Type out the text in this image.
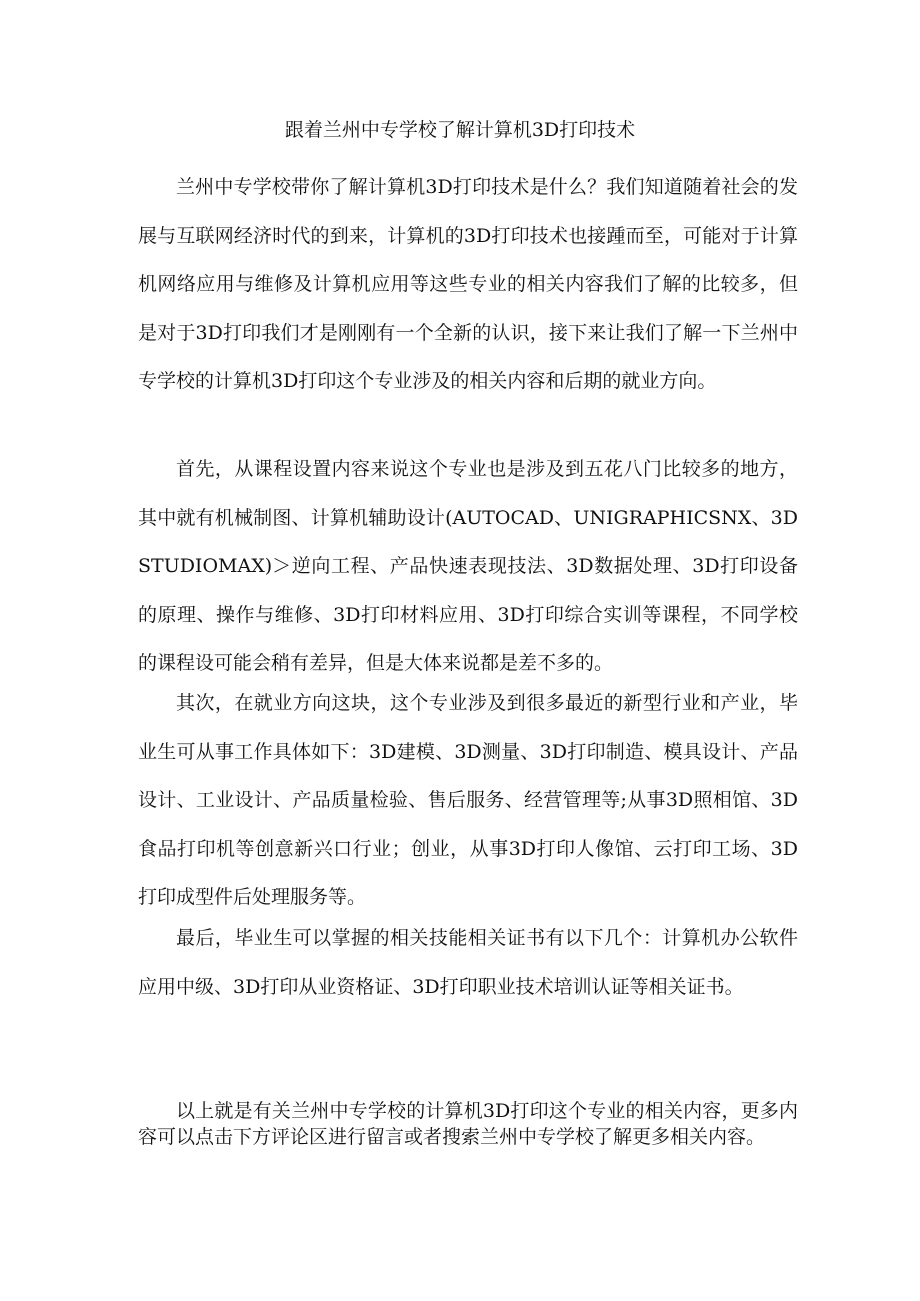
跟着兰州中专学校了解计算机3D打印技术

兰州中专学校带你了解计算机3D打印技术是什么？我们知道随着社会的发展与互联网经济时代的到来，计算机的3D打印技术也接踵而至，可能对于计算机网络应用与维修及计算机应用等这些专业的相关内容我们了解的比较多，但是对于3D打印我们才是刚刚有一个全新的认识，接下来让我们了解一下兰州中专学校的计算机3D打印这个专业涉及的相关内容和后期的就业方向。

首先，从课程设置内容来说这个专业也是涉及到五花八门比较多的地方，其中就有机械制图、计算机辅助设计(AUTOCAD、UNIGRAPHICSNX、3DSTUDIOMAX)＞逆向工程、产品快速表现技法、3D数据处理、3D打印设备的原理、操作与维修、3D打印材料应用、3D打印综合实训等课程，不同学校的课程设可能会稍有差异，但是大体来说都是差不多的。

其次，在就业方向这块，这个专业涉及到很多最近的新型行业和产业，毕业生可从事工作具体如下：3D建模、3D测量、3D打印制造、模具设计、产品设计、工业设计、产品质量检验、售后服务、经营管理等;从事3D照相馆、3D食品打印机等创意新兴口行业；创业，从事3D打印人像馆、云打印工场、3D打印成型件后处理服务等。

最后，毕业生可以掌握的相关技能相关证书有以下几个：计算机办公软件应用中级、3D打印从业资格证、3D打印职业技术培训认证等相关证书。

以上就是有关兰州中专学校的计算机3D打印这个专业的相关内容，更多内容可以点击下方评论区进行留言或者搜索兰州中专学校了解更多相关内容。
